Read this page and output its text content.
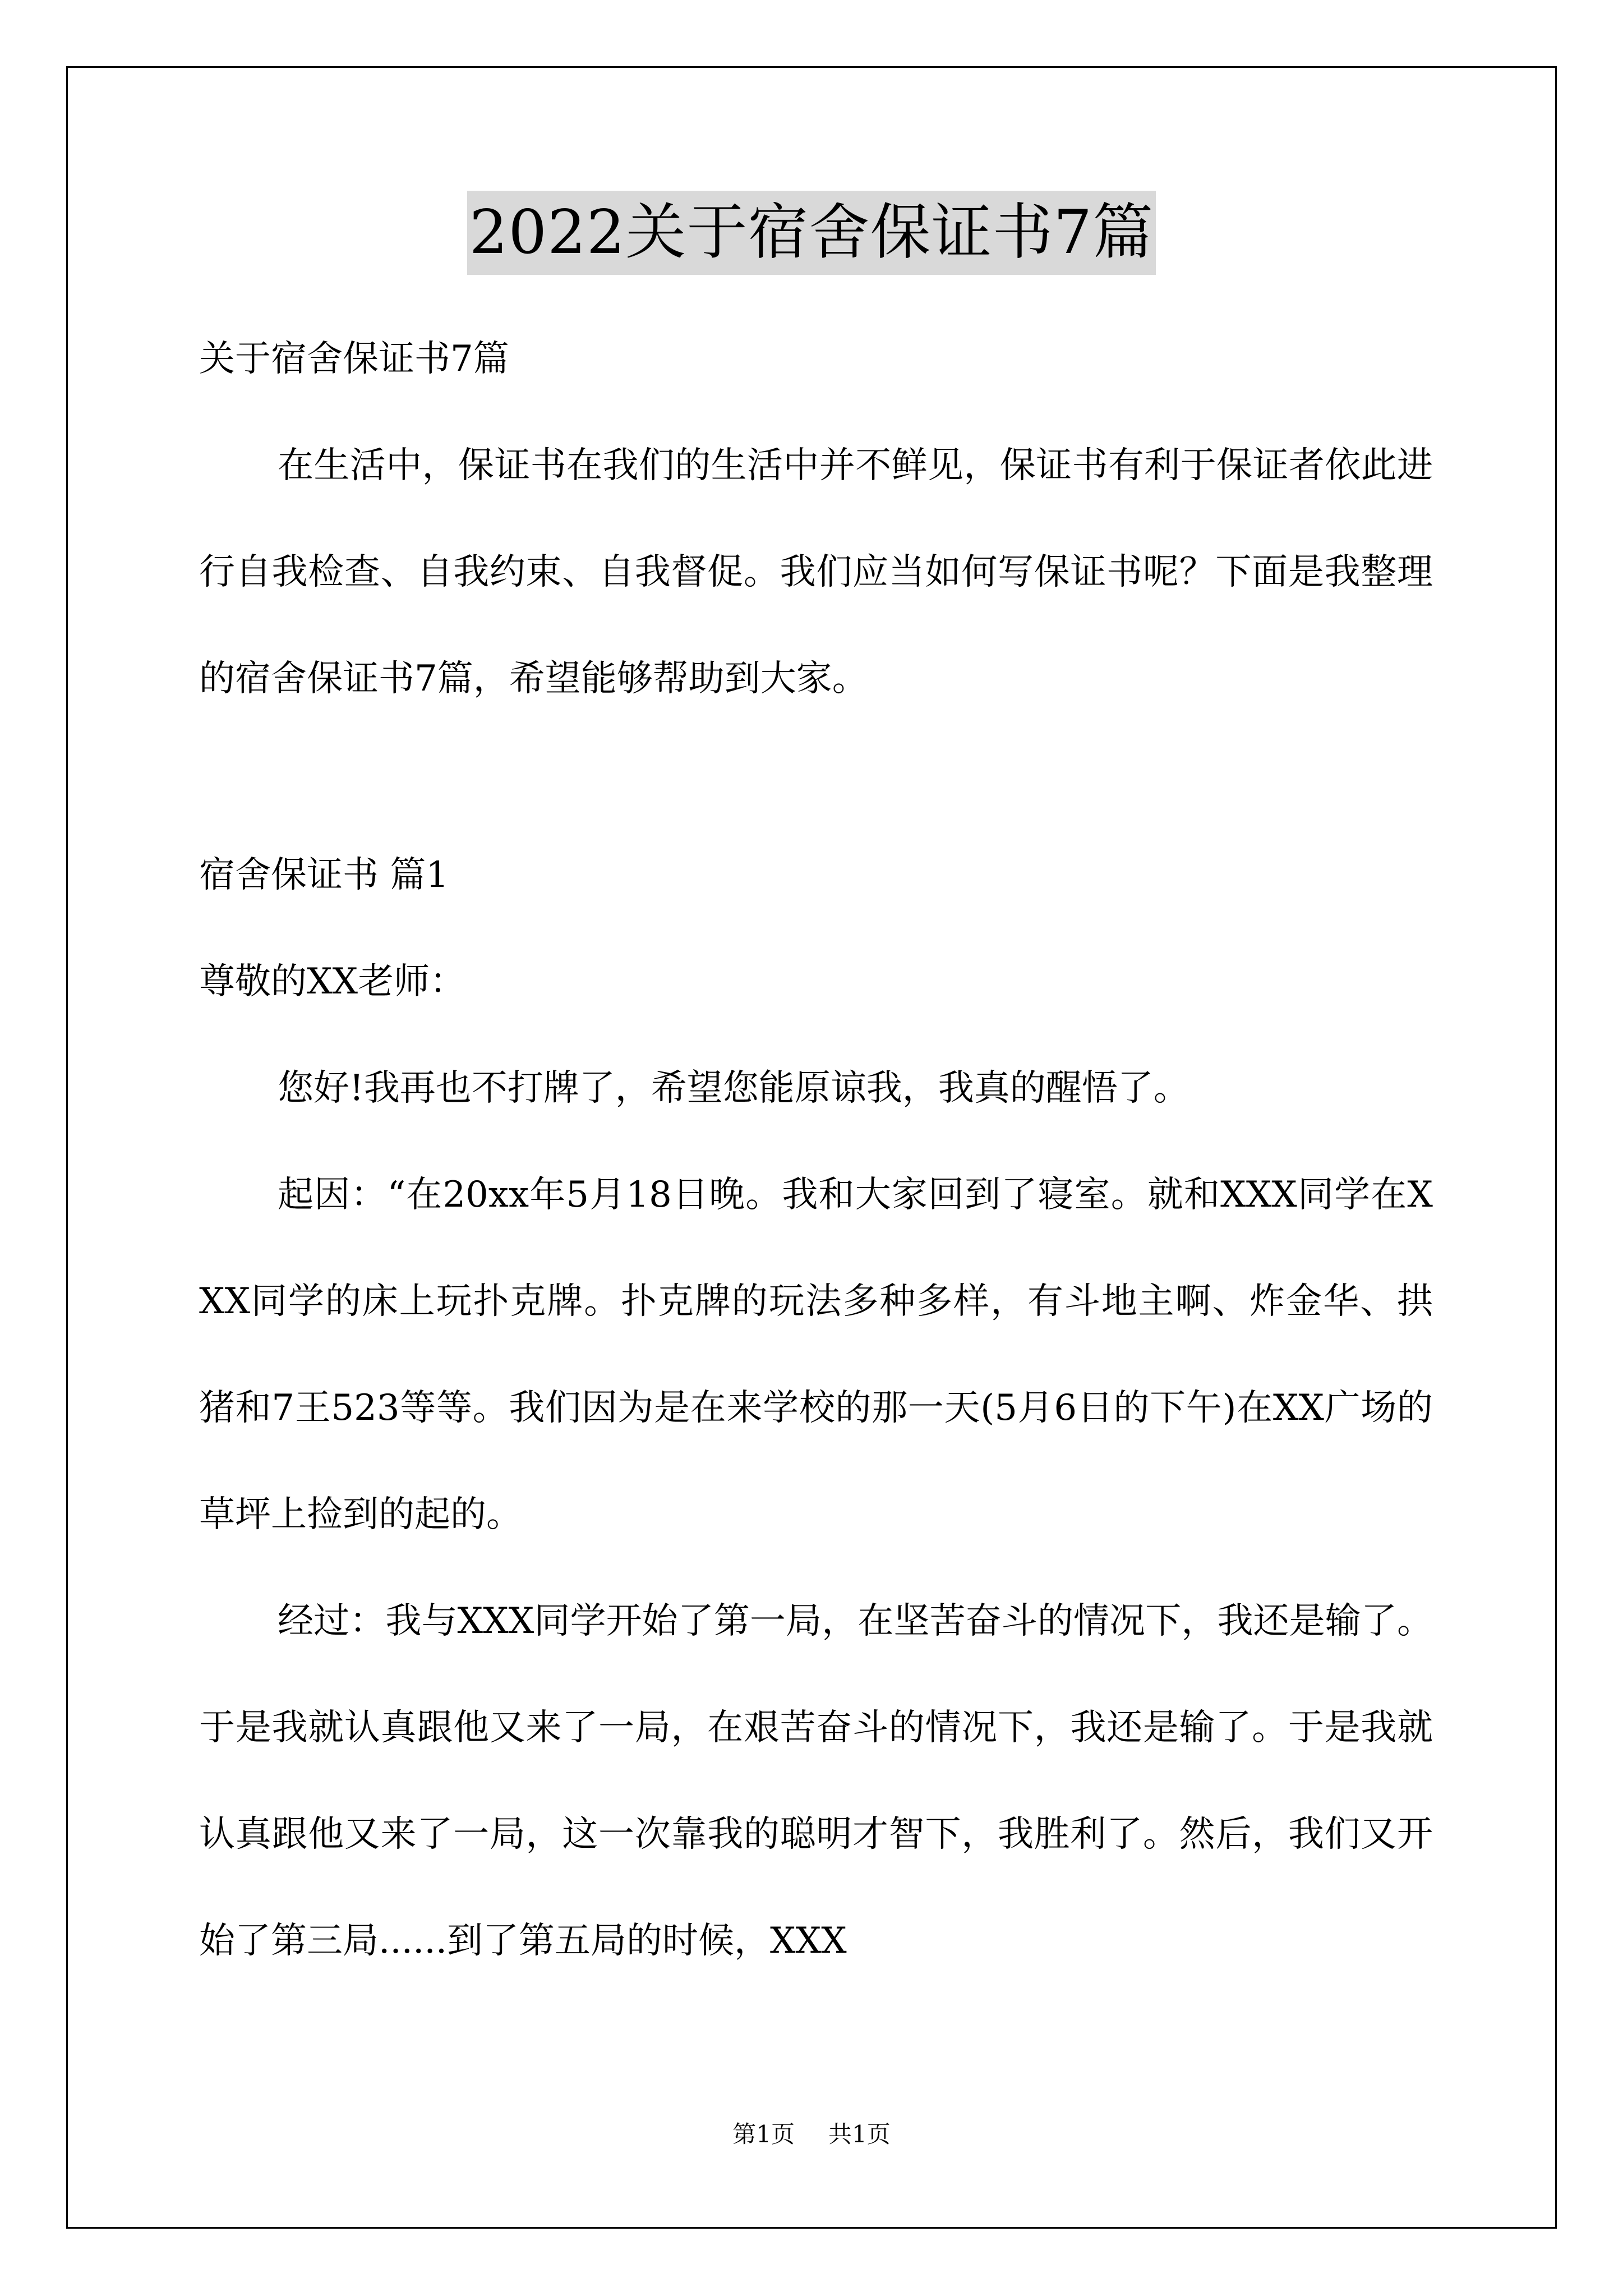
2022关于宿舍保证书7篇
关于宿舍保证书7篇
在生活中，保证书在我们的生活中并不鲜见，保证书有利于保证者依此进行自我检查、自我约束、自我督促。我们应当如何写保证书呢？下面是我整理的宿舍保证书7篇，希望能够帮助到大家。
宿舍保证书 篇1
尊敬的XX老师：
您好!我再也不打牌了，希望您能原谅我，我真的醒悟了。
起因：“在20xx年5月18日晚。我和大家回到了寝室。就和XXX同学在XXX同学的床上玩扑克牌。扑克牌的玩法多种多样，有斗地主啊、炸金华、拱猪和7王523等等。我们因为是在来学校的那一天(5月6日的下午)在XX广场的草坪上捡到的起的。
经过：我与XXX同学开始了第一局，在坚苦奋斗的情况下，我还是输了。于是我就认真跟他又来了一局，在艰苦奋斗的情况下，我还是输了。于是我就认真跟他又来了一局，这一次靠我的聪明才智下，我胜利了。然后，我们又开始了第三局......到了第五局的时候，XXX
第1页 共1页
